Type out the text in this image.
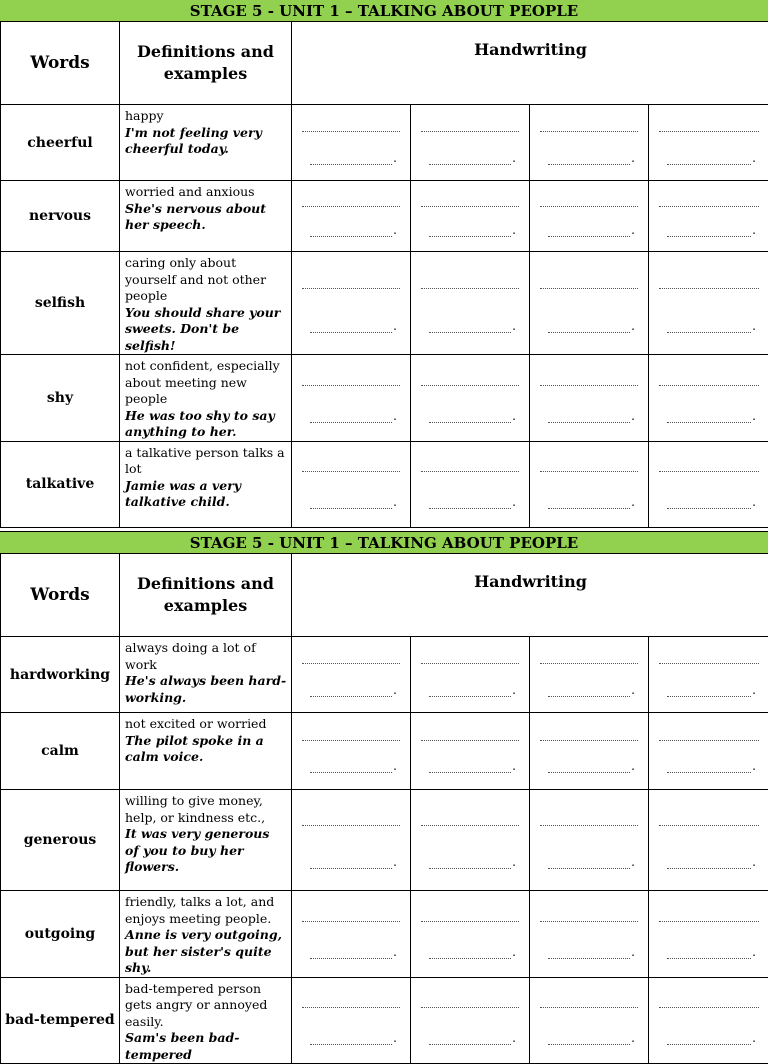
STAGE 5 - UNIT 1 – TALKING ABOUT PEOPLE
Words	Definitions and examples	Handwriting			
cheerful	happy
I'm not feeling very cheerful today.

.

.

.

.

nervous	worried and anxious
She's nervous about her speech.

.

.

.

.

selfish	caring only about yourself and not other people
You should share your sweets. Don't be selfish!

.

.

.

.

shy	not confident, especially about meeting new people
He was too shy to say anything to her.

.

.

.

.

talkative	a talkative person talks a lot
Jamie was a very talkative child.

.

.

.

.
STAGE 5 - UNIT 1 – TALKING ABOUT PEOPLE
Words	Definitions and examples	Handwriting			
hardworking	always doing a lot of work
He's always been hard-working.

.

.

.

.

calm	not excited or worried
The pilot spoke in a calm voice.

.

.

.

.

generous	willing to give money, help, or kindness etc.,
It was very generous of you to buy her flowers.

.

.

.

.

outgoing	friendly, talks a lot, and enjoys meeting people.
Anne is very outgoing, but her sister's quite shy.

.

.

.

.

bad-tempered	bad-tempered person gets angry or annoyed easily.
Sam's been bad-tempered

.

.

.

.
